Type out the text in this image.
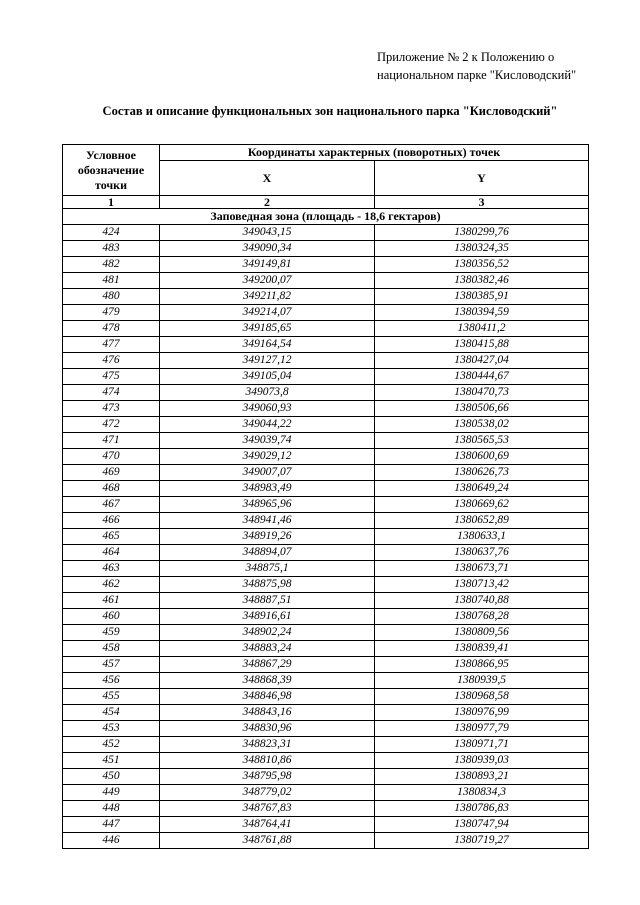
Приложение № 2 к Положению о
национальном парке "Кисловодский"
Состав и описание функциональных зон национального парка "Кисловодский"
Условное обозначение точки	Координаты характерных (поворотных) точек	
	X	Y
1	2	3
Заповедная зона (площадь - 18,6 гектаров)		
424	349043,15	1380299,76
483	349090,34	1380324,35
482	349149,81	1380356,52
481	349200,07	1380382,46
480	349211,82	1380385,91
479	349214,07	1380394,59
478	349185,65	1380411,2
477	349164,54	1380415,88
476	349127,12	1380427,04
475	349105,04	1380444,67
474	349073,8	1380470,73
473	349060,93	1380506,66
472	349044,22	1380538,02
471	349039,74	1380565,53
470	349029,12	1380600,69
469	349007,07	1380626,73
468	348983,49	1380649,24
467	348965,96	1380669,62
466	348941,46	1380652,89
465	348919,26	1380633,1
464	348894,07	1380637,76
463	348875,1	1380673,71
462	348875,98	1380713,42
461	348887,51	1380740,88
460	348916,61	1380768,28
459	348902,24	1380809,56
458	348883,24	1380839,41
457	348867,29	1380866,95
456	348868,39	1380939,5
455	348846,98	1380968,58
454	348843,16	1380976,99
453	348830,96	1380977,79
452	348823,31	1380971,71
451	348810,86	1380939,03
450	348795,98	1380893,21
449	348779,02	1380834,3
448	348767,83	1380786,83
447	348764,41	1380747,94
446	348761,88	1380719,27
